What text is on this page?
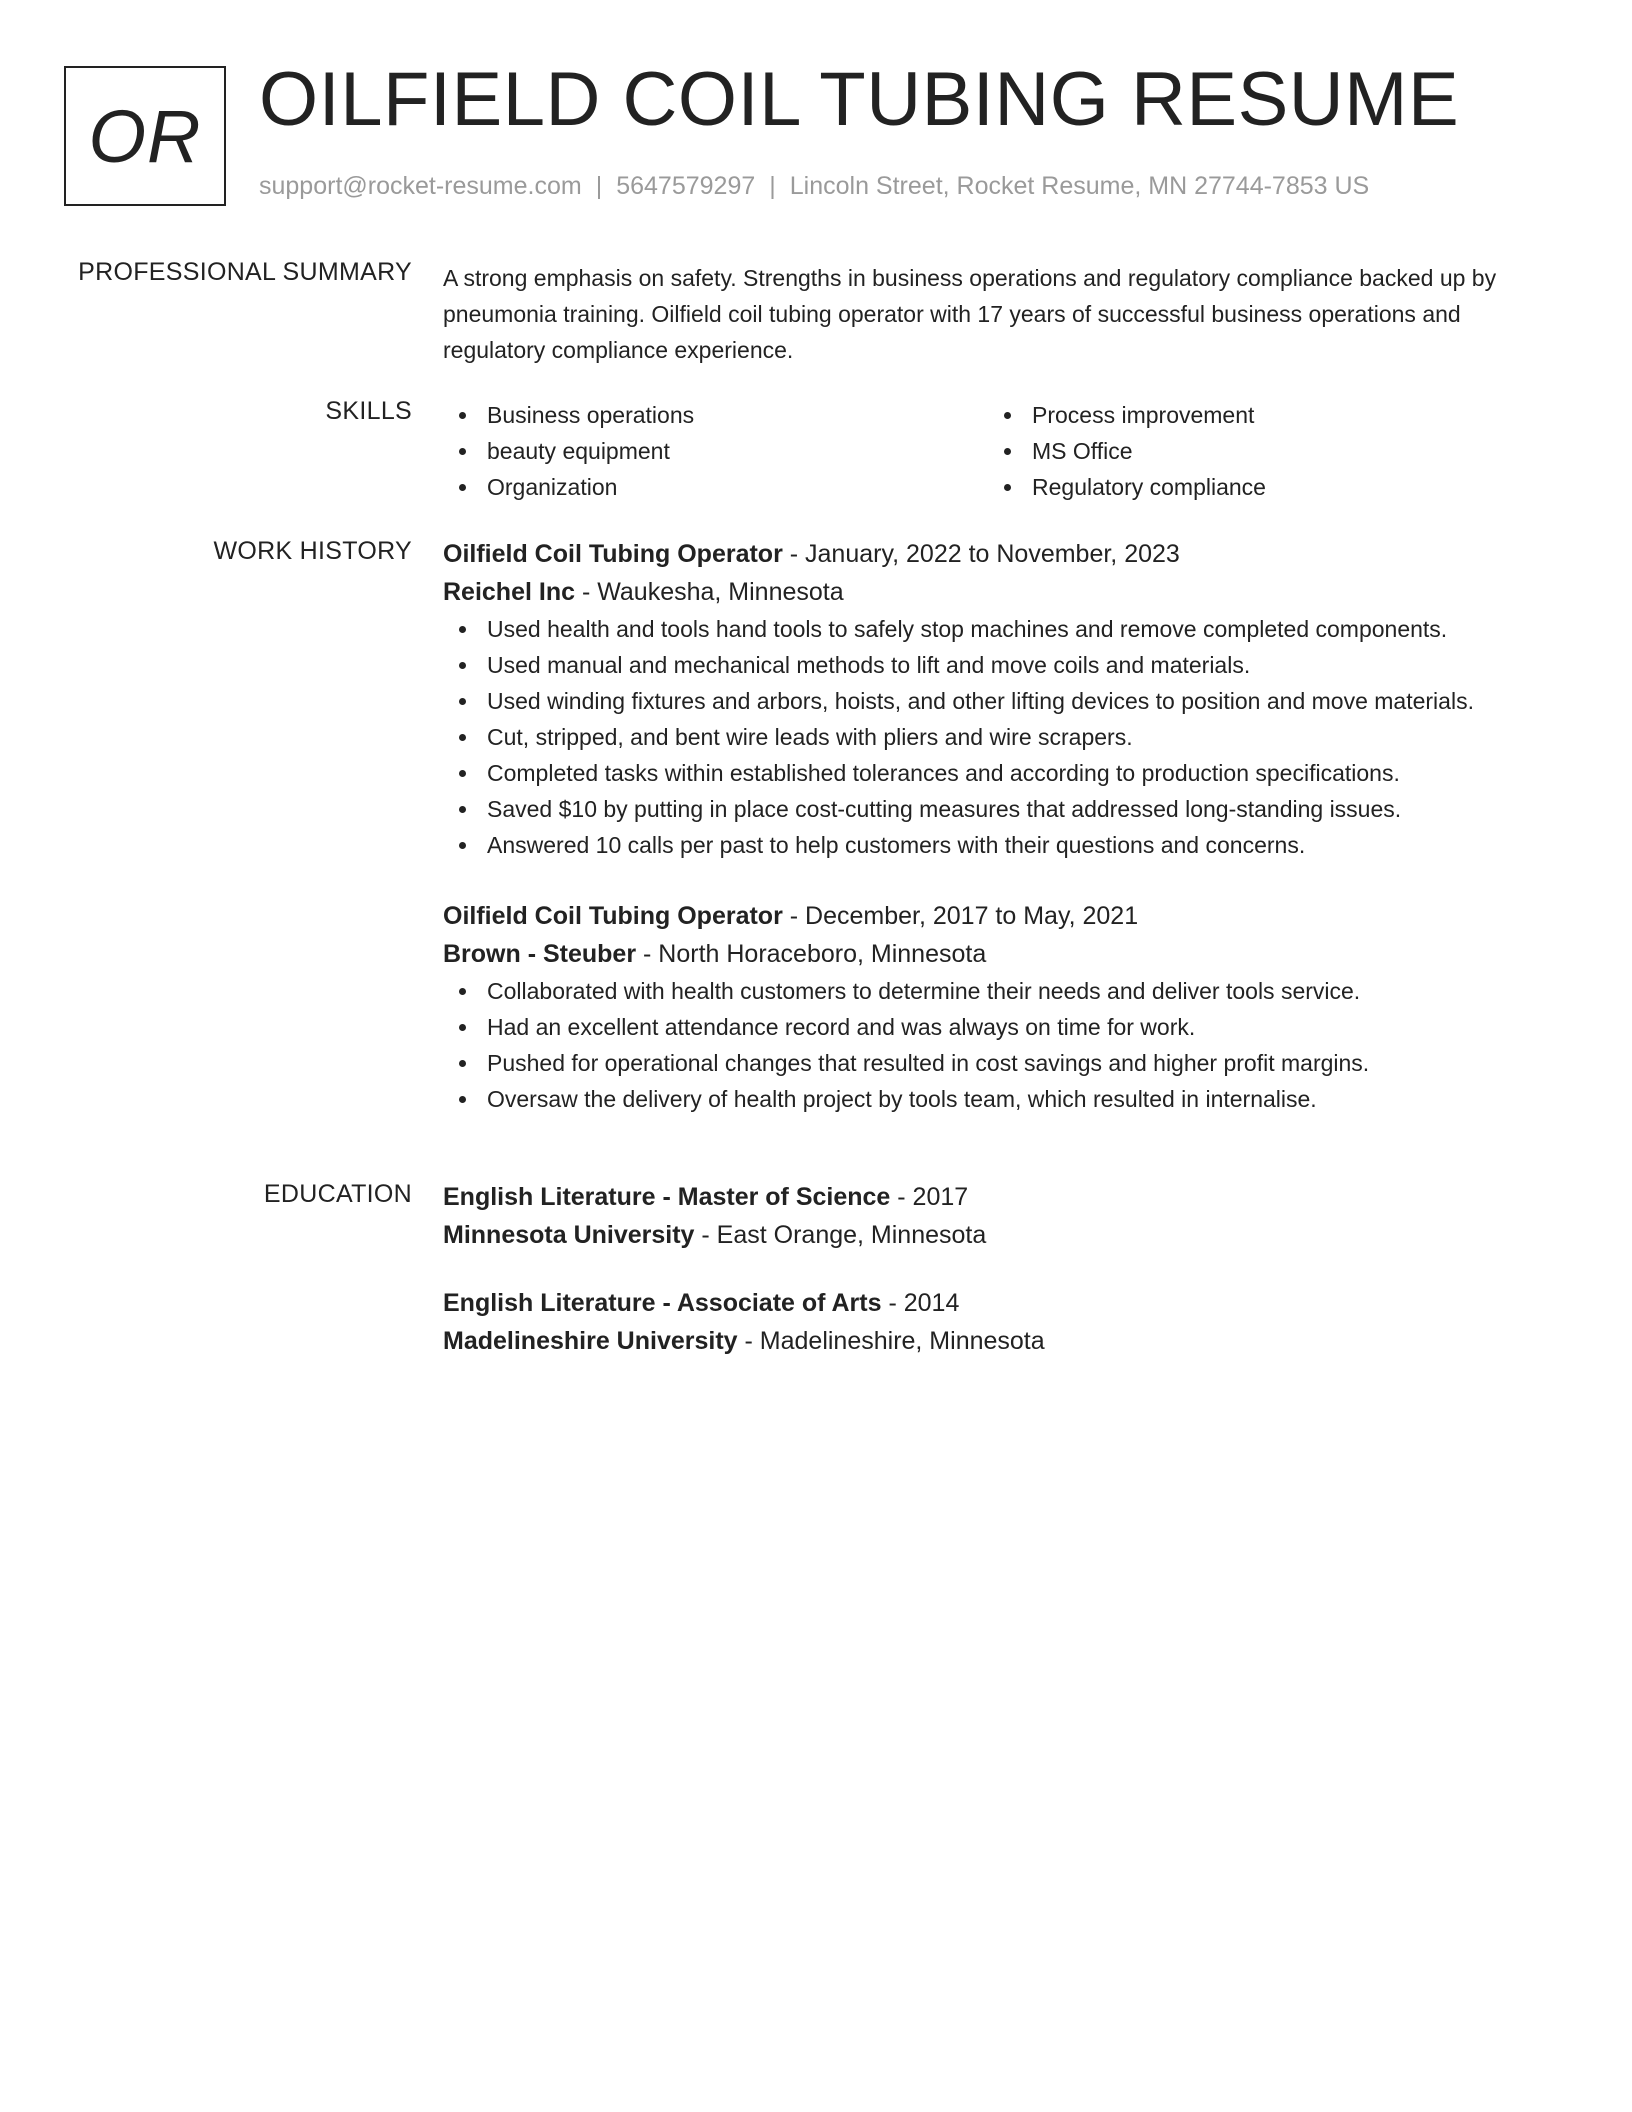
OR OILFIELD COIL TUBING RESUME
support@rocket-resume.com | 5647579297 | Lincoln Street, Rocket Resume, MN 27744-7853 US
PROFESSIONAL SUMMARY A strong emphasis on safety. Strengths in business operations and regulatory compliance backed up by pneumonia training. Oilfield coil tubing operator with 17 years of successful business operations and regulatory compliance experience.

SKILLS	Business operations
beauty equipment
Organization
Process improvement
MS Office
Regulatory compliance
WORK HISTORY Oilfield Coil Tubing Operator - January, 2022 to November, 2023
Reichel Inc - Waukesha, Minnesota
Used health and tools hand tools to safely stop machines and remove completed components.
Used manual and mechanical methods to lift and move coils and materials.
Used winding fixtures and arbors, hoists, and other lifting devices to position and move materials.
Cut, stripped, and bent wire leads with pliers and wire scrapers.
Completed tasks within established tolerances and according to production specifications.
Saved $10 by putting in place cost-cutting measures that addressed long-standing issues.
Answered 10 calls per past to help customers with their questions and concerns.
Oilfield Coil Tubing Operator - December, 2017 to May, 2021
Brown - Steuber - North Horaceboro, Minnesota
Collaborated with health customers to determine their needs and deliver tools service.
Had an excellent attendance record and was always on time for work.
Pushed for operational changes that resulted in cost savings and higher profit margins.
Oversaw the delivery of health project by tools team, which resulted in internalise.
EDUCATION English Literature - Master of Science - 2017
Minnesota University - East Orange, Minnesota
English Literature - Associate of Arts - 2014
Madelineshire University - Madelineshire, Minnesota
